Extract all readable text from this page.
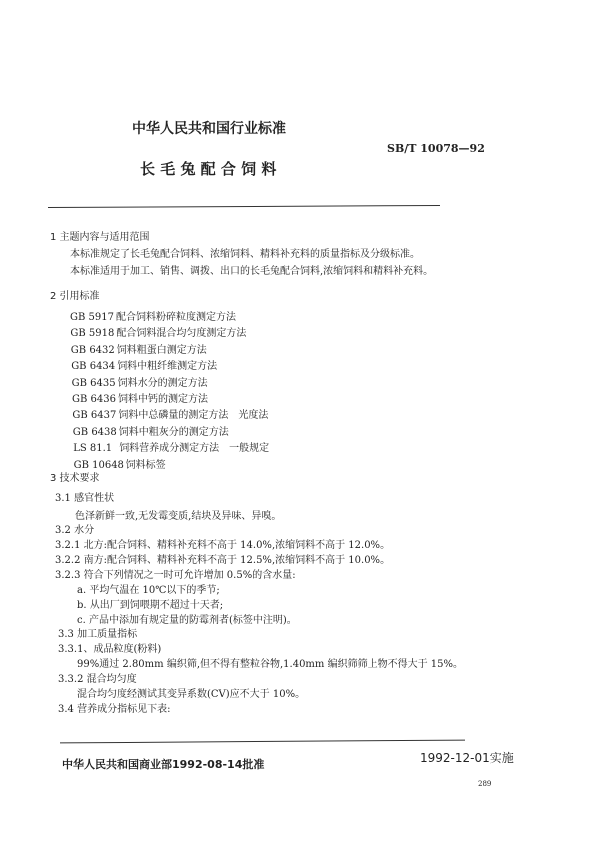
中华人民共和国行业标准
SB/T 10078—92
长 毛 兔 配 合 饲 料
1 主题内容与适用范围
本标准规定了长毛兔配合饲料、浓缩饲料、精料补充料的质量指标及分级标准。
本标准适用于加工、销售、调拨、出口的长毛兔配合饲料,浓缩饲料和精料补充料。
2 引用标准
GB 5917 配合饲料粉碎粒度测定方法
GB 5918 配合饲料混合均匀度测定方法
GB 6432 饲料粗蛋白测定方法
GB 6434 饲料中粗纤维测定方法
GB 6435 饲料水分的测定方法
GB 6436 饲料中钙的测定方法
GB 6437 饲料中总磷量的测定方法　光度法
GB 6438 饲料中粗灰分的测定方法
LS 81.1 饲料营养成分测定方法　一般规定
GB 10648 饲料标签
3 技术要求
3.1 感官性状
色泽新鲜一致,无发霉变质,结块及异味、异嗅。
3.2 水分
3.2.1 北方:配合饲料、精料补充料不高于 14.0%,浓缩饲料不高于 12.0%。
3.2.2 南方:配合饲料、精料补充料不高于 12.5%,浓缩饲料不高于 10.0%。
3.2.3 符合下列情况之一时可允许增加 0.5%的含水量:
a. 平均气温在 10℃以下的季节;
b. 从出厂到饲喂期不超过十天者;
c. 产品中添加有规定量的防霉剂者(标签中注明)。
3.3 加工质量指标
3.3.1、成品粒度(粉料)
99%通过 2.80mm 编织筛,但不得有整粒谷物,1.40mm 编织筛筛上物不得大于 15%。
3.3.2 混合均匀度
混合均匀度经测试其变异系数(CV)应不大于 10%。
3.4 营养成分指标见下表:
中华人民共和国商业部1992-08-14批准	1992-12-01实施
289
